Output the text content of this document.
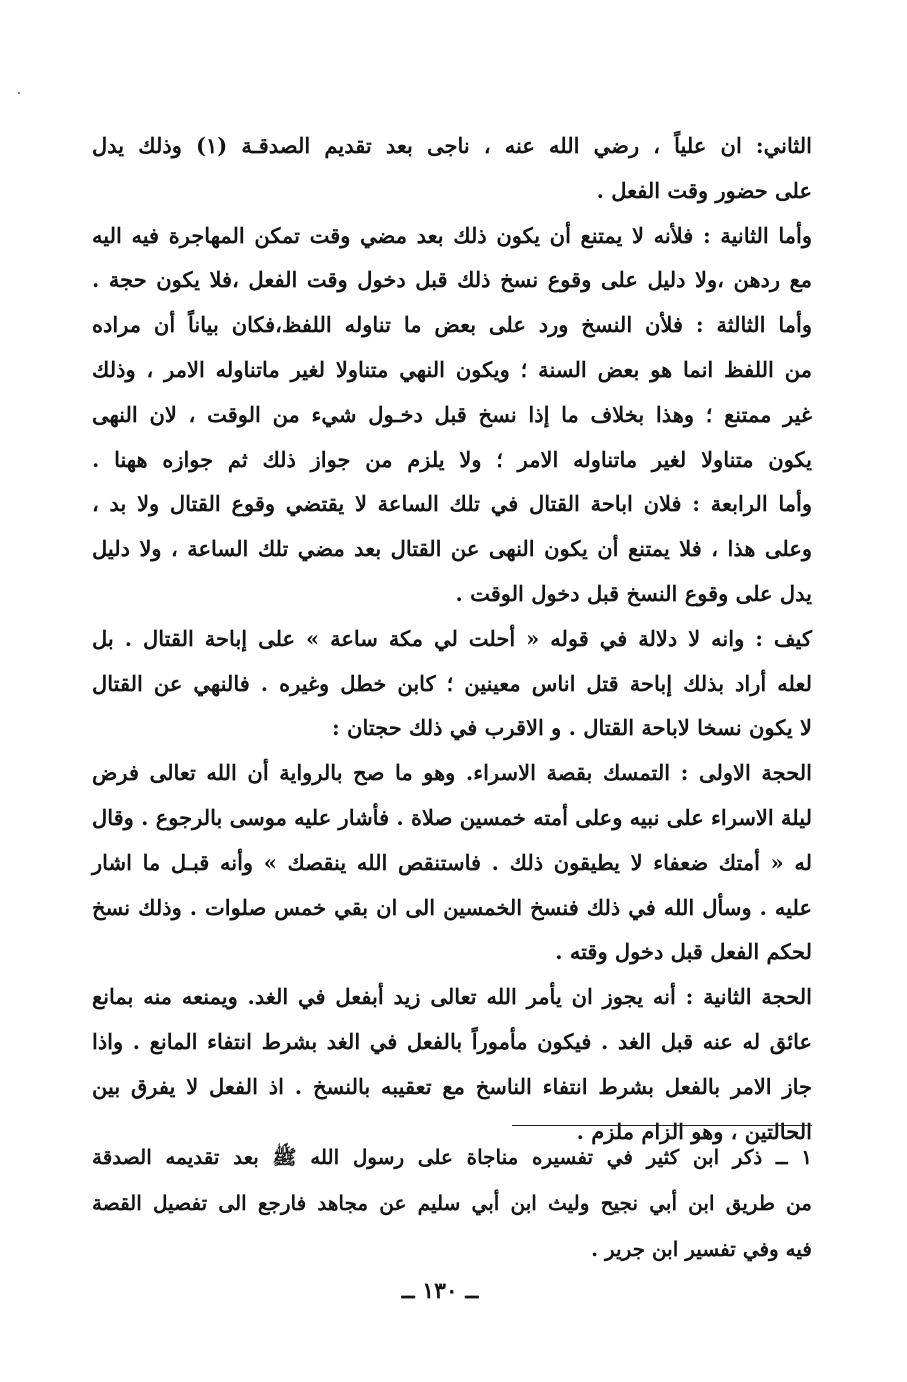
الثاني: ان علياً ، رضي الله عنه ، ناجى بعد تقديم الصدقـة (١) وذلك يدل
على حضور وقت الفعل .
وأما الثانية : فلأنه لا يمتنع أن يكون ذلك بعد مضي وقت تمكن المهاجرة فيه اليه
مع ردهن ،ولا دليل على وقوع نسخ ذلك قبل دخول وقت الفعل ،فلا يكون حجة .
وأما الثالثة : فلأن النسخ ورد على بعض ما تناوله اللفظ،فكان بياناً أن مراده
من اللفظ انما هو بعض السنة ؛ ويكون النهي متناولا لغير ماتناوله الامر ، وذلك
غير ممتنع ؛ وهذا بخلاف ما إذا نسخ قبل دخـول شيء من الوقت ، لان النهى
يكون متناولا لغير ماتناوله الامر ؛ ولا يلزم من جواز ذلك ثم جوازه ههنا .
وأما الرابعة : فلان اباحة القتال في تلك الساعة لا يقتضي وقوع القتال ولا بد ،
وعلى هذا ، فلا يمتنع أن يكون النهى عن القتال بعد مضي تلك الساعة ، ولا دليل
يدل على وقوع النسخ قبل دخول الوقت .
كيف : وانه لا دلالة في قوله « أحلت لي مكة ساعة » على إباحة القتال . بل
لعله أراد بذلك إباحة قتل اناس معينين ؛ كابن خطل وغيره . فالنهي عن القتال
لا يكون نسخا لاباحة القتال . و الاقرب في ذلك حجتان :
الحجة الاولى : التمسك بقصة الاسراء. وهو ما صح بالرواية أن الله تعالى فرض
ليلة الاسراء على نبيه وعلى أمته خمسين صلاة . فأشار عليه موسى بالرجوع . وقال
له « أمتك ضعفاء لا يطيقون ذلك . فاستنقص الله ينقصك » وأنه قبـل ما اشار
عليه . وسأل الله في ذلك فنسخ الخمسين الى ان بقي خمس صلوات . وذلك نسخ
لحكم الفعل قبل دخول وقته .
الحجة الثانية : أنه يجوز ان يأمر الله تعالى زيد أبفعل في الغد. ويمنعه منه بمانع
عائق له عنه قبل الغد . فيكون مأموراً بالفعل في الغد بشرط انتفاء المانع . واذا
جاز الامر بالفعل بشرط انتفاء الناسخ مع تعقيبه بالنسخ . اذ الفعل لا يفرق بين
الحالتين ، وهو الزام ملزم .
١ ــ ذكر ابن كثير في تفسيره مناجاة على رسول الله ﷺ بعد تقديمه الصدقة
من طريق ابن أبي نجيح وليث ابن أبي سليم عن مجاهد فارجع الى تفصيل القصة
فيه وفي تفسير ابن جرير .
ــ ١٣٠ ــ
